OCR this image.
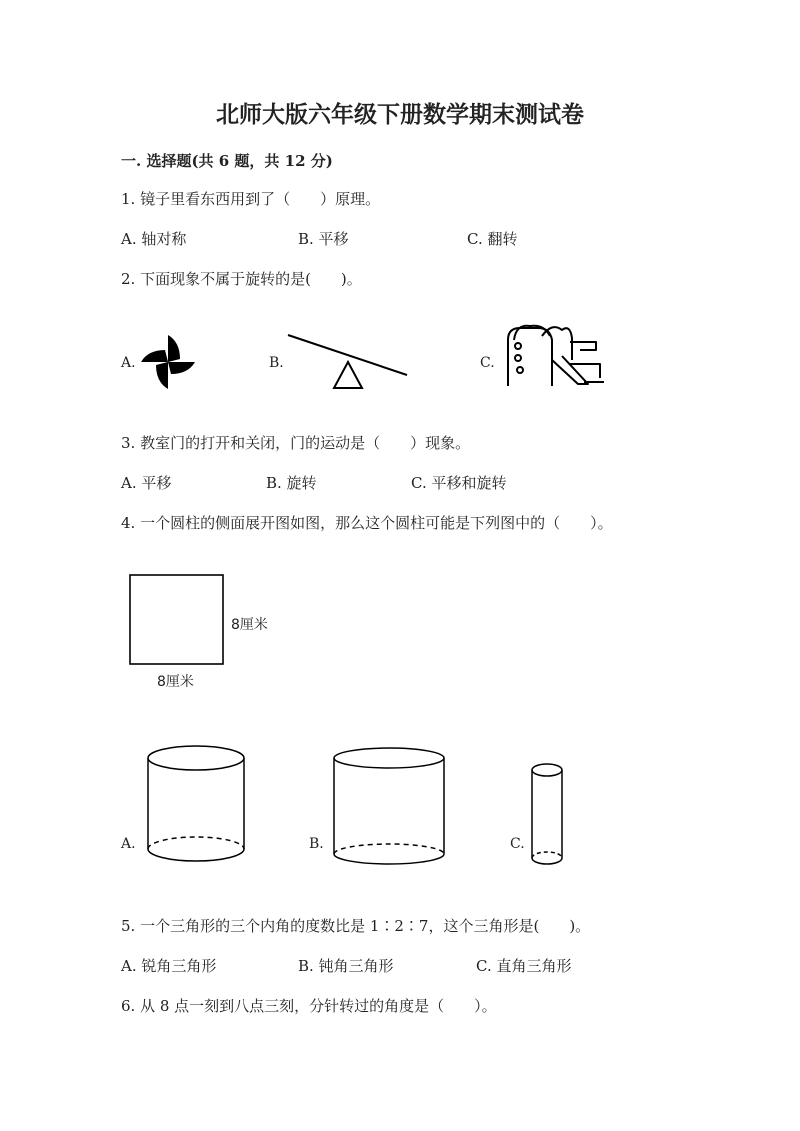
北师大版六年级下册数学期末测试卷
一. 选择题(共 6 题，共 12 分)
1. 镜子里看东西用到了（　　）原理。
A. 轴对称	B. 平移	C. 翻转
2. 下面现象不属于旋转的是(　　)。
A.	B.	C.
3. 教室门的打开和关闭，门的运动是（　　）现象。
A. 平移	B. 旋转	C. 平移和旋转
4. 一个圆柱的侧面展开图如图，那么这个圆柱可能是下列图中的（　　）。
8厘米
8厘米
A.	B.	C.
5. 一个三角形的三个内角的度数比是 1∶2∶7，这个三角形是(　　)。
A. 锐角三角形	B. 钝角三角形	C. 直角三角形
6. 从 8 点一刻到八点三刻，分针转过的角度是（　　）。
